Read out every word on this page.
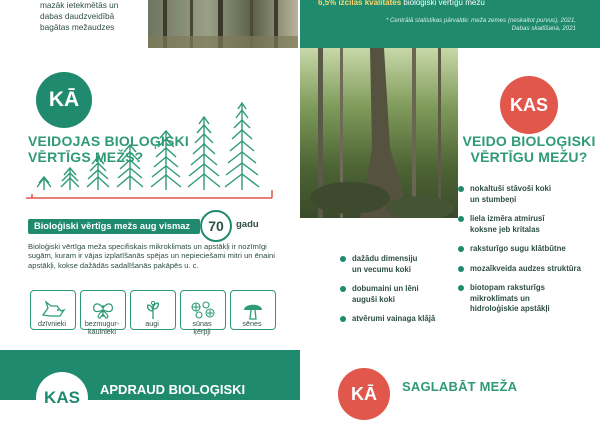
mazāk ietekmētās un
dabas daudzveidībā
bagātas mežaudzes
6,5% izcilas kvalitātes bioloģiski vērtīgu mežu
* Centrālā statistikas pārvalde: meža zemes (neskaitot purvus), 2021,
Dabas skaitīšana, 2021
KĀ
VEIDOJAS BIOLOĢISKI
VĒRTĪGS MEŽS?
Bioloģiski vērtīgs mežs aug vismaz	70 gadu
Bioloģiski vērtīga meža specifiskais mikroklimats un apstākļi ir nozīmīgi sugām, kuram ir vājas izplatīšanās spējas un nepieciešami mitri un ēnaini apstākļi, kokse dažādās sadalīšanās pakāpēs u. c.
dzīvnieki	bezmugur-
kaulnieki
augi	sūnas
ķērpji
sēnes
KAS
VEIDO BIOLOĢISKI
VĒRTĪGU MEŽU?
nokaltuši stāvoši koki
un stumbeņi
liela izmēra atmirusī
koksne jeb kritalas
raksturīgo sugu klātbūtne
mozaīkveida audzes struktūra
biotopam raksturīgs
mikroklimats un
hidroloģiskie apstākļi
dažādu dimensiju
un vecumu koki
dobumaini un lēni
auguši koki
atvērumi vainaga klājā
KAS APDRAUD BIOLOĢISKI	KĀ SAGLABĀT MEŽA
